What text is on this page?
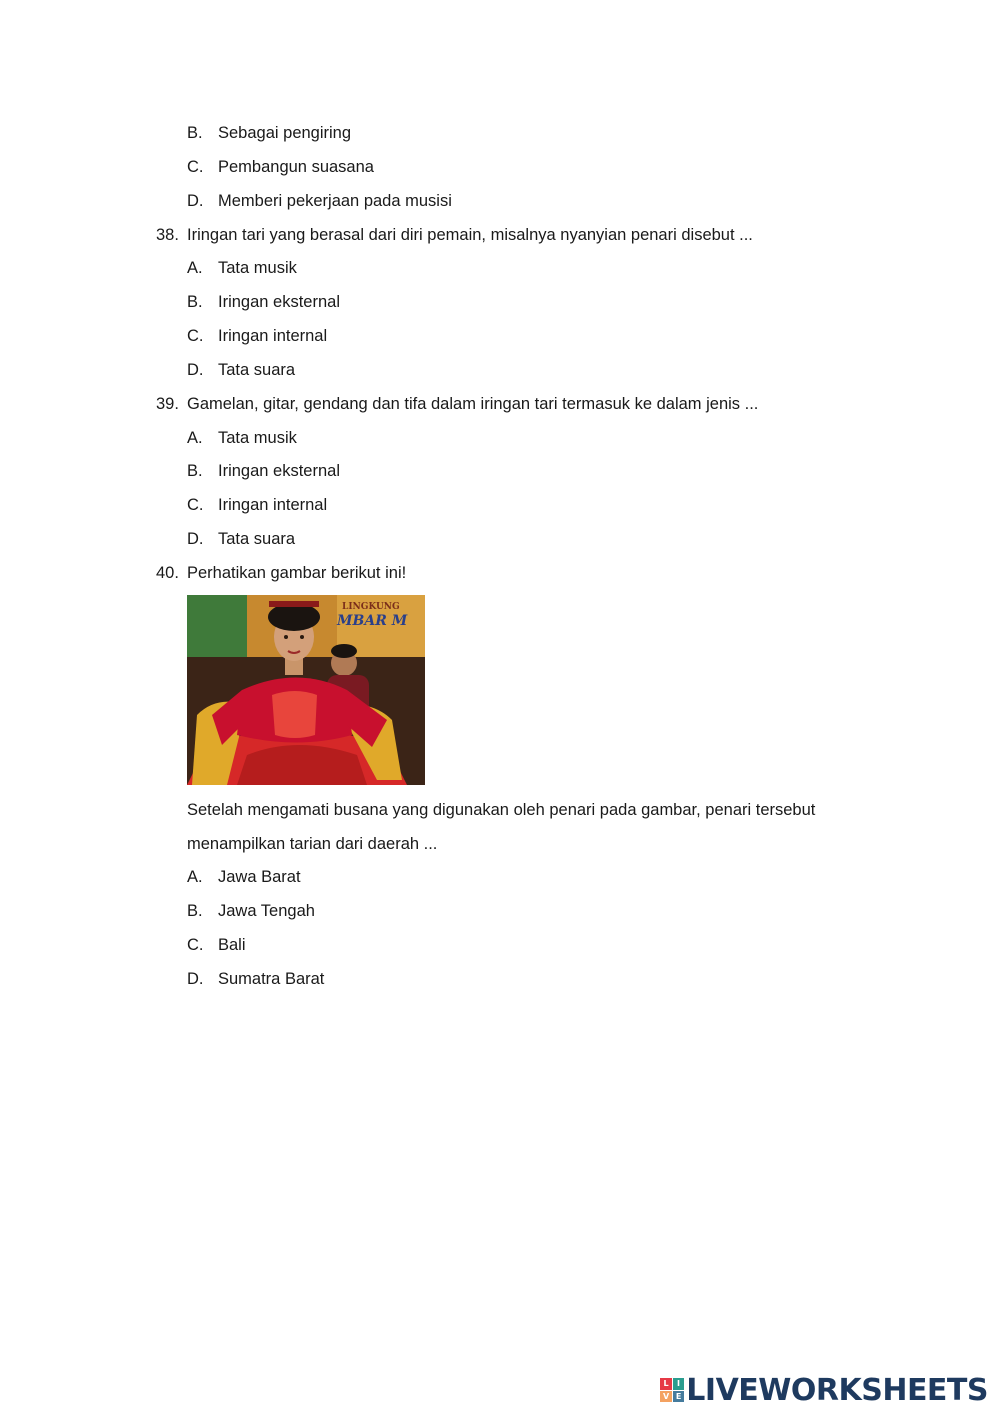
B. Sebagai pengiring
C. Pembangun suasana
D. Memberi pekerjaan pada musisi
38. Iringan tari yang berasal dari diri pemain, misalnya nyanyian penari disebut ...
A. Tata musik
B. Iringan eksternal
C. Iringan internal
D. Tata suara
39. Gamelan, gitar, gendang dan tifa dalam iringan tari termasuk ke dalam jenis ...
A. Tata musik
B. Iringan eksternal
C. Iringan internal
D. Tata suara
40. Perhatikan gambar berikut ini!
LINGKUNG
MBAR M
Setelah mengamati busana yang digunakan oleh penari pada gambar, penari tersebut
menampilkan tarian dari daerah ...
A. Jawa Barat
B. Jawa Tengah
C. Bali
D. Sumatra Barat
L	I
V E LIVEWORKSHEETS
